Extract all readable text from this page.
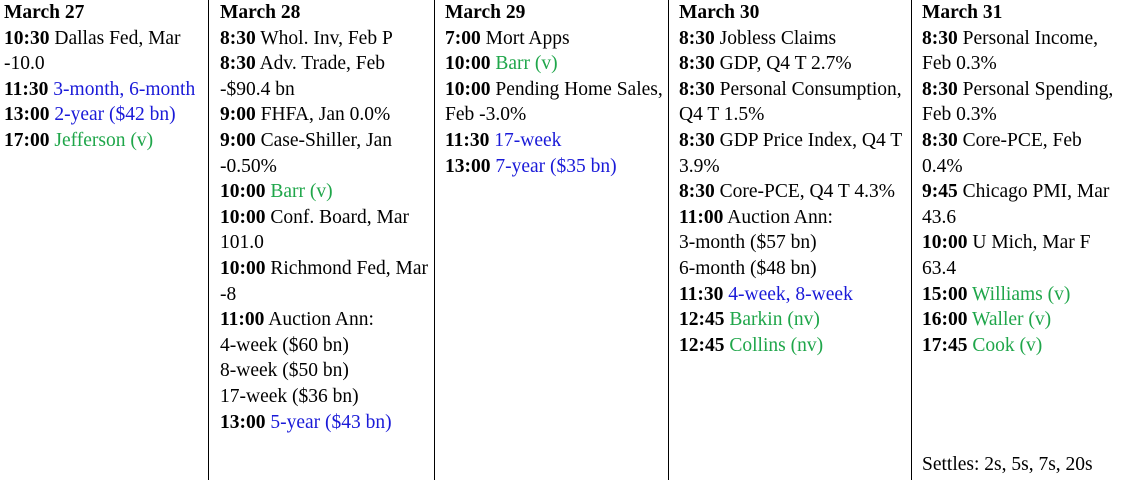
March 27
10:30 Dallas Fed, Mar -10.0
11:30 3-month, 6-month
13:00 2-year ($42 bn)
17:00 Jefferson (v)
March 28
8:30 Whol. Inv, Feb P
8:30 Adv. Trade, Feb -$90.4 bn
9:00 FHFA, Jan 0.0%
9:00 Case-Shiller, Jan -0.50%
10:00 Barr (v)
10:00 Conf. Board, Mar 101.0
10:00 Richmond Fed, Mar -8
11:00 Auction Ann:
4-week ($60 bn)
8-week ($50 bn)
17-week ($36 bn)
13:00 5-year ($43 bn)
March 29
7:00 Mort Apps
10:00 Barr (v)
10:00 Pending Home Sales, Feb -3.0%
11:30 17-week
13:00 7-year ($35 bn)
March 30
8:30 Jobless Claims
8:30 GDP, Q4 T 2.7%
8:30 Personal Consumption, Q4 T 1.5%
8:30 GDP Price Index, Q4 T 3.9%
8:30 Core-PCE, Q4 T 4.3%
11:00 Auction Ann:
3-month ($57 bn)
6-month ($48 bn)
11:30 4-week, 8-week
12:45 Barkin (nv)
12:45 Collins (nv)
March 31
8:30 Personal Income, Feb 0.3%
8:30 Personal Spending, Feb 0.3%
8:30 Core-PCE, Feb 0.4%
9:45 Chicago PMI, Mar 43.6
10:00 U Mich, Mar F 63.4
15:00 Williams (v)
16:00 Waller (v)
17:45 Cook (v)
Settles: 2s, 5s, 7s, 20s
